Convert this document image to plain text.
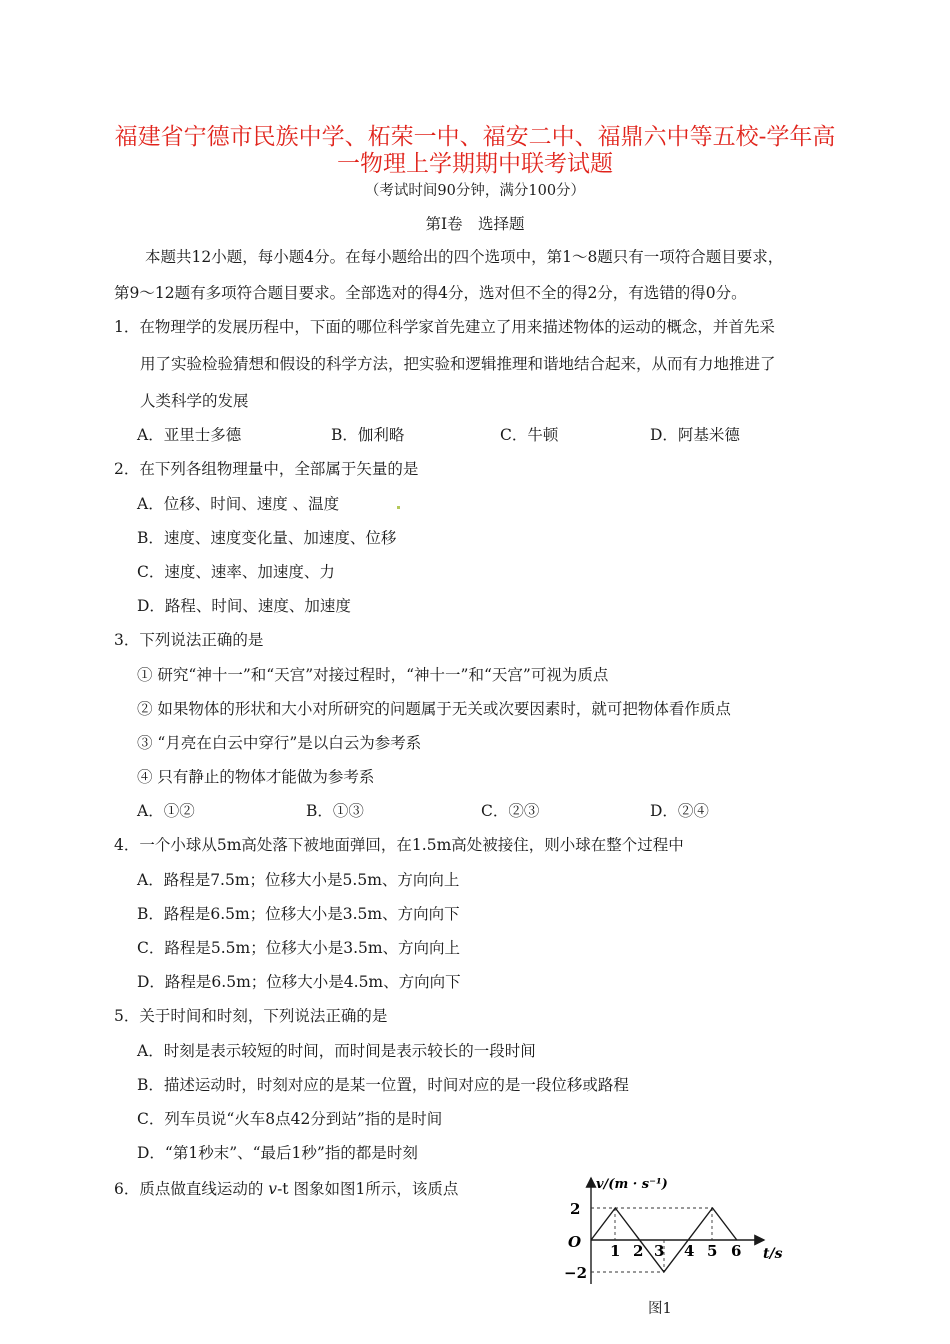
福建省宁德市民族中学、柘荣一中、福安二中、福鼎六中等五校-学年高
一物理上学期期中联考试题
（考试时间90分钟，满分100分）
第Ⅰ卷　选择题
本题共12小题，每小题4分。在每小题给出的四个选项中，第1～8题只有一项符合题目要求，
第9～12题有多项符合题目要求。全部选对的得4分，选对但不全的得2分，有选错的得0分。
1．在物理学的发展历程中，下面的哪位科学家首先建立了用来描述物体的运动的概念，并首先采
用了实验检验猜想和假设的科学方法，把实验和逻辑推理和谐地结合起来，从而有力地推进了
人类科学的发展
A．亚里士多德	B．伽利略	C．牛顿	D．阿基米德
2．在下列各组物理量中，全部属于矢量的是
A．位移、时间、速度 、温度
B．速度、速度变化量、加速度、位移
C．速度、速率、加速度、力
D．路程、时间、速度、加速度
3．下列说法正确的是
① 研究“神十一”和“天宫”对接过程时，“神十一”和“天宫”可视为质点
② 如果物体的形状和大小对所研究的问题属于无关或次要因素时，就可把物体看作质点
③ “月亮在白云中穿行”是以白云为参考系
④ 只有静止的物体才能做为参考系
A．①②	B．①③	C．②③	D．②④
4．一个小球从5m高处落下被地面弹回，在1.5m高处被接住，则小球在整个过程中
A．路程是7.5m；位移大小是5.5m、方向向上
B．路程是6.5m；位移大小是3.5m、方向向下
C．路程是5.5m；位移大小是3.5m、方向向上
D．路程是6.5m；位移大小是4.5m、方向向下
5．关于时间和时刻，下列说法正确的是
A．时刻是表示较短的时间，而时间是表示较长的一段时间
B．描述运动时，时刻对应的是某一位置，时间对应的是一段位移或路程
C．列车员说“火车8点42分到站”指的是时间
D．“第1秒末”、“最后1秒”指的都是时刻
6．质点做直线运动的 v-t 图象如图1所示，该质点	v/(m · s⁻¹)
t/s
O
2
−2
1 2 3 4 5 6
图1
